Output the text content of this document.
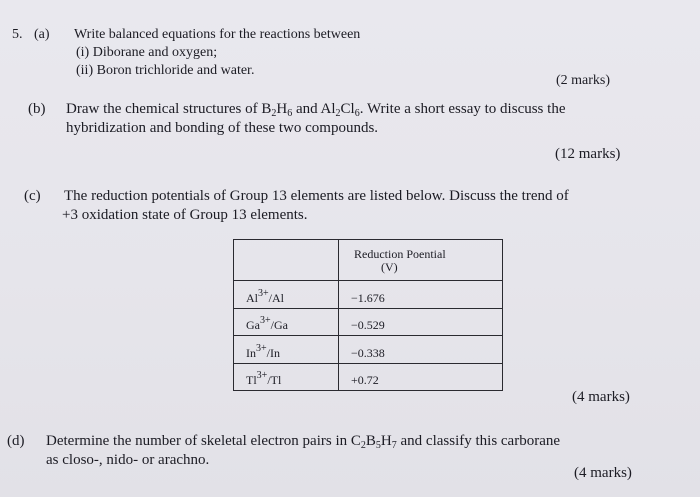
5. (a) Write balanced equations for the reactions between
(i) Diborane and oxygen;
(ii) Boron trichloride and water.
(2 marks)
(b) Draw the chemical structures of $B_2H_6$ and $Al_2Cl_6$. Write a short essay to discuss the
hybridization and bonding of these two compounds.
(12 marks)
(c) The reduction potentials of Group 13 elements are listed below. Discuss the trend of
+3 oxidation state of Group 13 elements.

	Reduction Poential
(V)

$Al^{3+}/Al$	−1.676
$Ga^{3+}/Ga$	−0.529
$In^{3+}/In$	−0.338
$Tl^{3+}/Tl$	+0.72
(4 marks)
(d) Determine the number of skeletal electron pairs in $C_2B_5H_7$ and classify this carborane
as closo-, nido- or arachno.
(4 marks)
